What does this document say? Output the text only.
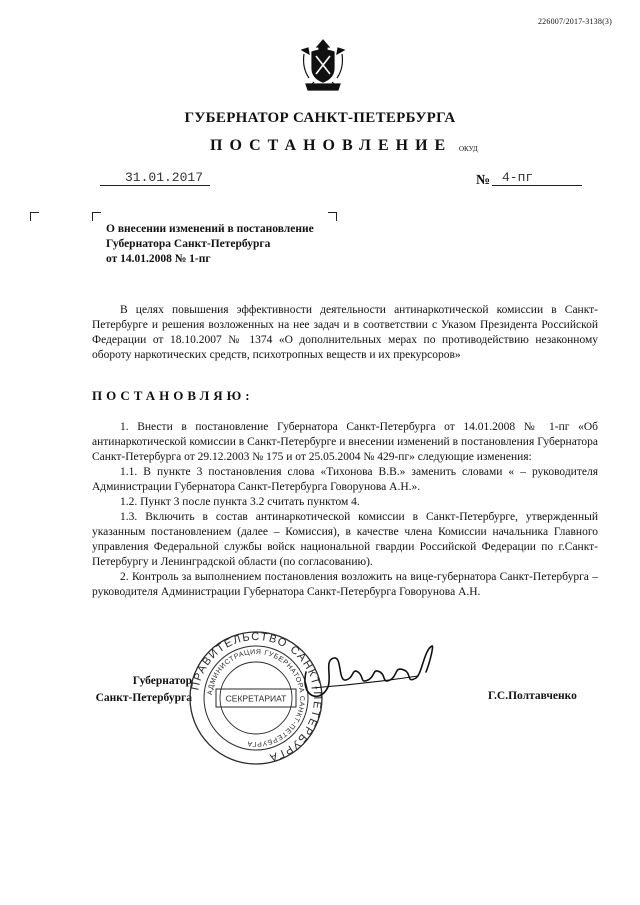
226007/2017-3138(3)
ГУБЕРНАТОР САНКТ-ПЕТЕРБУРГА
ПОСТАНОВЛЕНИЕ ОКУД
31.01.2017	№ 4-пг
О внесении изменений в постановление
Губернатора Санкт-Петербурга
от 14.01.2008 № 1-пг

В целях повышения эффективности деятельности антинаркотической комиссии в Санкт-Петербурге и решения возложенных на нее задач и в соответствии с Указом Президента Российской Федерации от 18.10.2007 № 1374 «О дополнительных мерах по противодействию незаконному обороту наркотических средств, психотропных веществ и их прекурсоров»

ПОСТАНОВЛЯЮ:

1. Внести в постановление Губернатора Санкт-Петербурга от 14.01.2008 № 1-пг «Об антинаркотической комиссии в Санкт-Петербурге и внесении изменений в постановления Губернатора Санкт-Петербурга от 29.12.2003 № 175 и от 25.05.2004 № 429-пг» следующие изменения:

1.1. В пункте 3 постановления слова «Тихонова В.В.» заменить словами « – руководителя Администрации Губернатора Санкт-Петербурга Говорунова А.Н.».

1.2. Пункт 3 после пункта 3.2 считать пунктом 4.

1.3. Включить в состав антинаркотической комиссии в Санкт-Петербурге, утвержденный указанным постановлением (далее – Комиссия), в качестве члена Комиссии начальника Главного управления Федеральной службы войск национальной гвардии Российской Федерации по г.Санкт-Петербургу и Ленинградской области (по согласованию).

2. Контроль за выполнением постановления возложить на вице-губернатора Санкт-Петербурга – руководителя Администрации Губернатора Санкт-Петербурга Говорунова А.Н.

Губернатор
Санкт-Петербурга
ПРАВИТЕЛЬСТВО САНКТ-ПЕТЕРБУРГА
АДМИНИСТРАЦИЯ ГУБЕРНАТОРА САНКТ-ПЕТЕРБУРГА
СЕКРЕТАРИАТ	Г.С.Полтавченко
